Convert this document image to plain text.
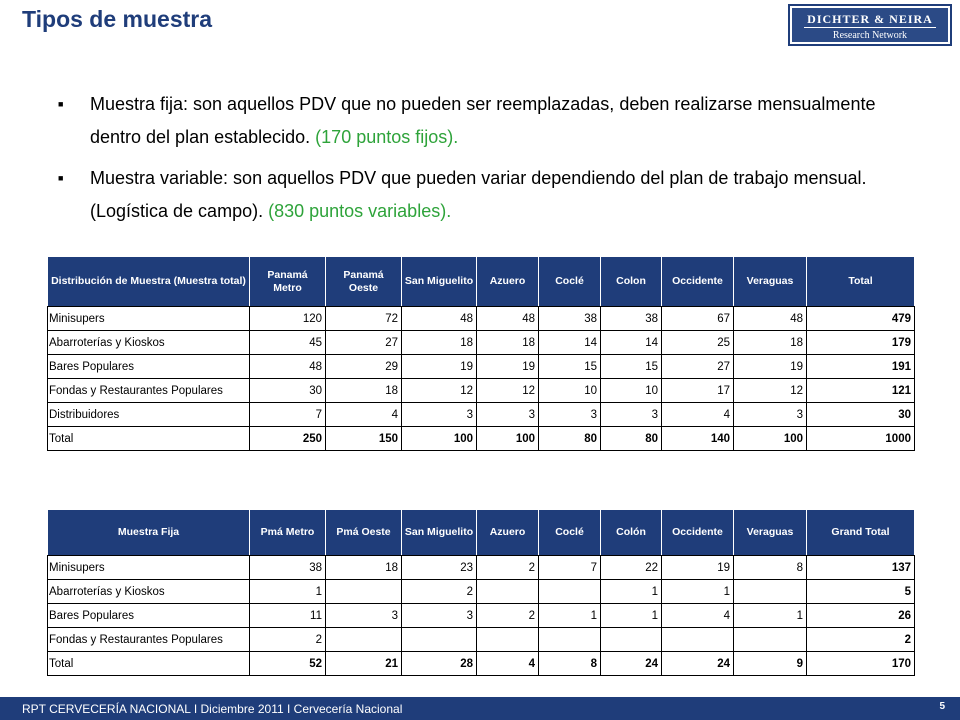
Tipos de muestra	DICHTER & NEIRA
Research Network
■	Muestra fija: son aquellos PDV que no pueden ser reemplazadas, deben realizarse mensualmente dentro del plan establecido. (170 puntos fijos).
■	Muestra variable: son aquellos PDV que pueden variar dependiendo del plan de trabajo mensual. (Logística de campo). (830 puntos variables).
Distribución de Muestra (Muestra total)	Panamá Metro	Panamá Oeste	San Miguelito	Azuero	Coclé	Colon	Occidente	Veraguas	Total
Minisupers	120	72	48	48	38	38	67	48	479
Abarroterías y Kioskos	45	27	18	18	14	14	25	18	179
Bares Populares	48	29	19	19	15	15	27	19	191
Fondas y Restaurantes Populares	30	18	12	12	10	10	17	12	121
Distribuidores	7	4	3	3	3	3	4	3	30
Total	250	150	100	100	80	80	140	100	1000
Muestra Fija	Pmá Metro	Pmá Oeste	San Miguelito	Azuero	Coclé	Colón	Occidente	Veraguas	Grand Total
Minisupers	38	18	23	2	7	22	19	8	137
Abarroterías y Kioskos	1		2			1	1		5
Bares Populares	11	3	3	2	1	1	4	1	26
Fondas y Restaurantes Populares	2								2
Total	52	21	28	4	8	24	24	9	170
RPT CERVECERÍA NACIONAL I Diciembre 2011 I Cervecería Nacional	5
